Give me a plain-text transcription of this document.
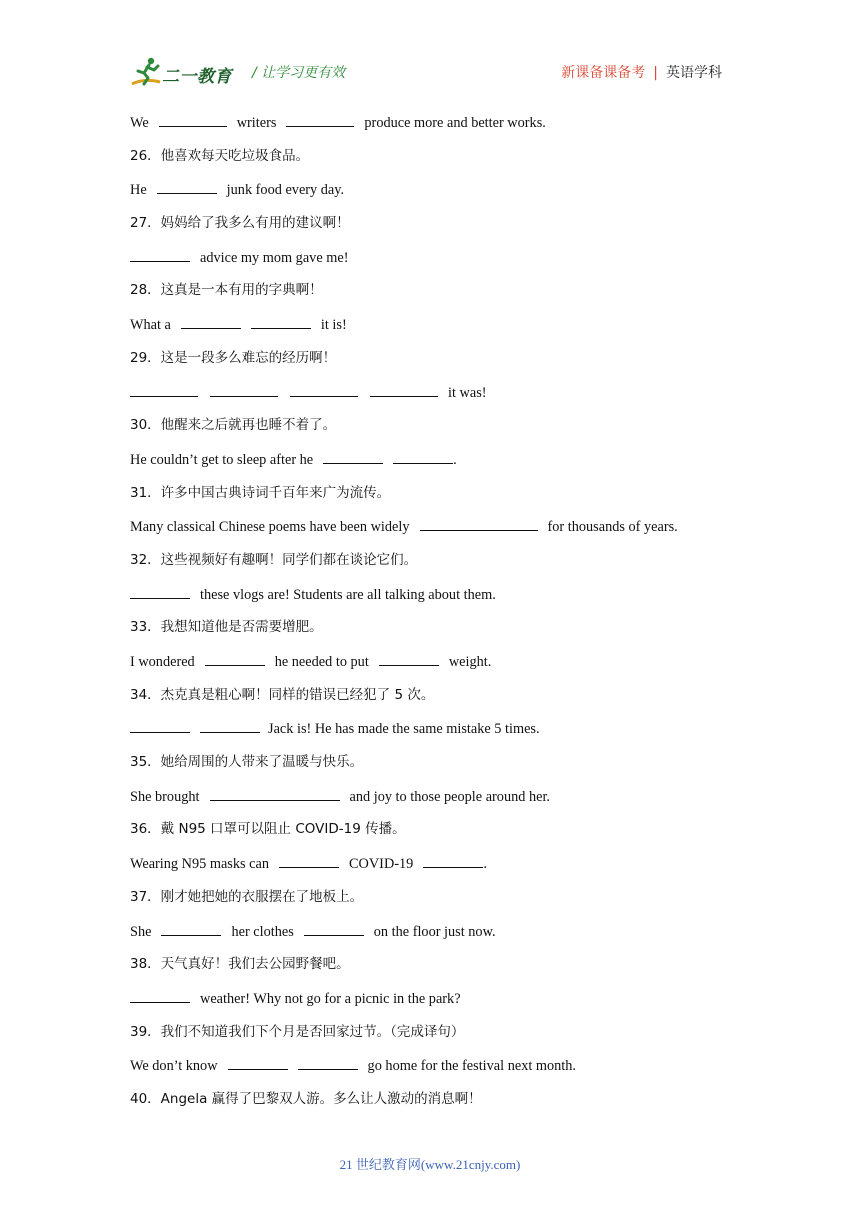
二一教育 / 让学习更有效	新课备课备考 | 英语学科
We	writers	produce more and better works.
26．他喜欢每天吃垃圾食品。
He	junk food every day.
27．妈妈给了我多么有用的建议啊！
advice my mom gave me!
28．这真是一本有用的字典啊！
What a	it is!
29．这是一段多么难忘的经历啊！
it was!
30．他醒来之后就再也睡不着了。
He couldn’t get to sleep after he	.
31．许多中国古典诗词千百年来广为流传。
Many classical Chinese poems have been widely	for thousands of years.
32．这些视频好有趣啊！同学们都在谈论它们。
these vlogs are! Students are all talking about them.
33．我想知道他是否需要增肥。
I wondered	he needed to put	weight.
34．杰克真是粗心啊！同样的错误已经犯了 5 次。
Jack is! He has made the same mistake 5 times.
35．她给周围的人带来了温暖与快乐。
She brought	and joy to those people around her.
36．戴 N95 口罩可以阻止 COVID-19 传播。
Wearing N95 masks can	COVID-19	.
37．刚才她把她的衣服摆在了地板上。
She	her clothes	on the floor just now.
38．天气真好！我们去公园野餐吧。
weather! Why not go for a picnic in the park?
39．我们不知道我们下个月是否回家过节。（完成译句）
We don’t know	go home for the festival next month.
40．Angela 赢得了巴黎双人游。多么让人激动的消息啊！
21 世纪教育网(www.21cnjy.com)
